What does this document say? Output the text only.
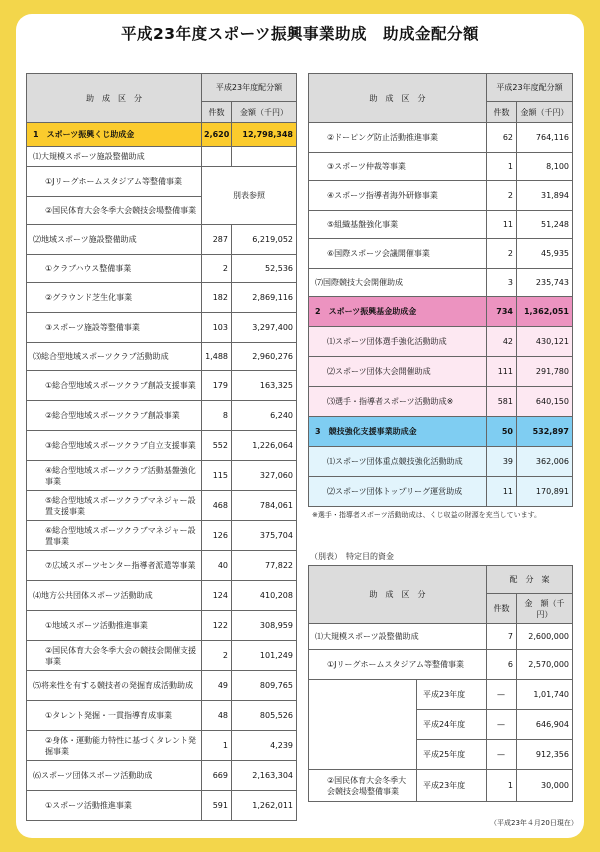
平成23年度スポーツ振興事業助成　助成金配分額
助　成　区　分	平成23年度配分額	
	件数	金額（千円）
1　スポーツ振興くじ助成金	2,620	12,798,348
⑴大規模スポーツ施設整備助成		
①Jリーグホームスタジアム等整備事業	別表参照	
②国民体育大会冬季大会競技会場整備事業		
⑵地域スポーツ施設整備助成	287	6,219,052
①クラブハウス整備事業	2	52,536
②グラウンド芝生化事業	182	2,869,116
③スポーツ施設等整備事業	103	3,297,400
⑶総合型地域スポーツクラブ活動助成	1,488	2,960,276
①総合型地域スポーツクラブ創設支援事業	179	163,325
②総合型地域スポーツクラブ創設事業	8	6,240
③総合型地域スポーツクラブ自立支援事業	552	1,226,064
④総合型地域スポーツクラブ活動基盤強化事業	115	327,060
⑤総合型地域スポーツクラブマネジャー設置支援事業	468	784,061
⑥総合型地域スポーツクラブマネジャー設置事業	126	375,704
⑦広域スポーツセンター指導者派遣等事業	40	77,822
⑷地方公共団体スポーツ活動助成	124	410,208
①地域スポーツ活動推進事業	122	308,959
②国民体育大会冬季大会の競技会開催支援事業	2	101,249
⑸将来性を有する競技者の発掘育成活動助成	49	809,765
①タレント発掘・一貫指導育成事業	48	805,526
②身体・運動能力特性に基づくタレント発掘事業	1	4,239
⑹スポーツ団体スポーツ活動助成	669	2,163,304
①スポーツ活動推進事業	591	1,262,011
助　成　区　分	平成23年度配分額	
	件数	金額（千円）
②ドーピング防止活動推進事業	62	764,116
③スポーツ仲裁等事業	1	8,100
④スポーツ指導者海外研修事業	2	31,894
⑤組織基盤強化事業	11	51,248
⑥国際スポーツ会議開催事業	2	45,935
⑺国際競技大会開催助成	3	235,743
2　スポーツ振興基金助成金	734	1,362,051
⑴スポーツ団体選手強化活動助成	42	430,121
⑵スポーツ団体大会開催助成	111	291,780
⑶選手・指導者スポーツ活動助成※	581	640,150
3　競技強化支援事業助成金	50	532,897
⑴スポーツ団体重点競技強化活動助成	39	362,006
⑵スポーツ団体トップリーグ運営助成	11	170,891
※選手・指導者スポーツ活動助成は、くじ収益の財源を充当しています。
（別表）　特定目的資金
助　成　区　分		配　分　案	
		件数	金　額（千円）
⑴大規模スポーツ設整備助成		7	2,600,000
①Jリーグホームスタジアム等整備事業		6	2,570,000
	平成23年度	—	1,01,740
	平成24年度	—	646,904
	平成25年度	—	912,356
②国民体育大会冬季大会競技会場整備事業	平成23年度	1	30,000
（平成23年４月20日現在）
